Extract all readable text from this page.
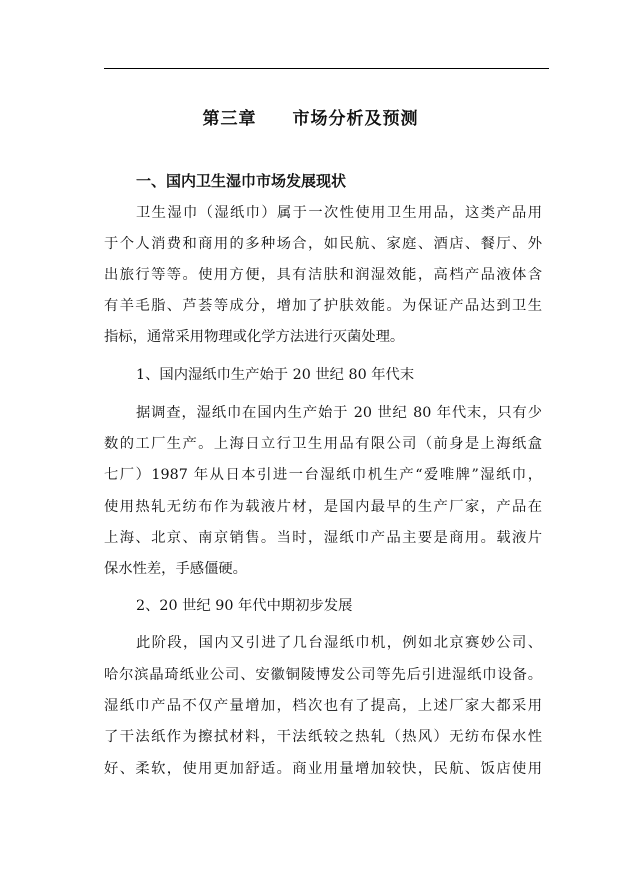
第三章 市场分析及预测
一、国内卫生湿巾市场发展现状
卫生湿巾（湿纸巾）属于一次性使用卫生用品，这类产品用
于个人消费和商用的多种场合，如民航、家庭、酒店、餐厅、外
出旅行等等。使用方便，具有洁肤和润湿效能，高档产品液体含
有羊毛脂、芦荟等成分，增加了护肤效能。为保证产品达到卫生
指标，通常采用物理或化学方法进行灭菌处理。
1、国内湿纸巾生产始于 20 世纪 80 年代末
据调查，湿纸巾在国内生产始于 20 世纪 80 年代末，只有少
数的工厂生产。上海日立行卫生用品有限公司（前身是上海纸盒
七厂）1987 年从日本引进一台湿纸巾机生产“爱唯牌”湿纸巾，
使用热轧无纺布作为载液片材，是国内最早的生产厂家，产品在
上海、北京、南京销售。当时，湿纸巾产品主要是商用。载液片
保水性差，手感僵硬。
2、20 世纪 90 年代中期初步发展
此阶段，国内又引进了几台湿纸巾机，例如北京赛妙公司、
哈尔滨晶琦纸业公司、安徽铜陵博发公司等先后引进湿纸巾设备。
湿纸巾产品不仅产量增加，档次也有了提高，上述厂家大都采用
了干法纸作为擦拭材料，干法纸较之热轧（热风）无纺布保水性
好、柔软，使用更加舒适。商业用量增加较快，民航、饭店使用
